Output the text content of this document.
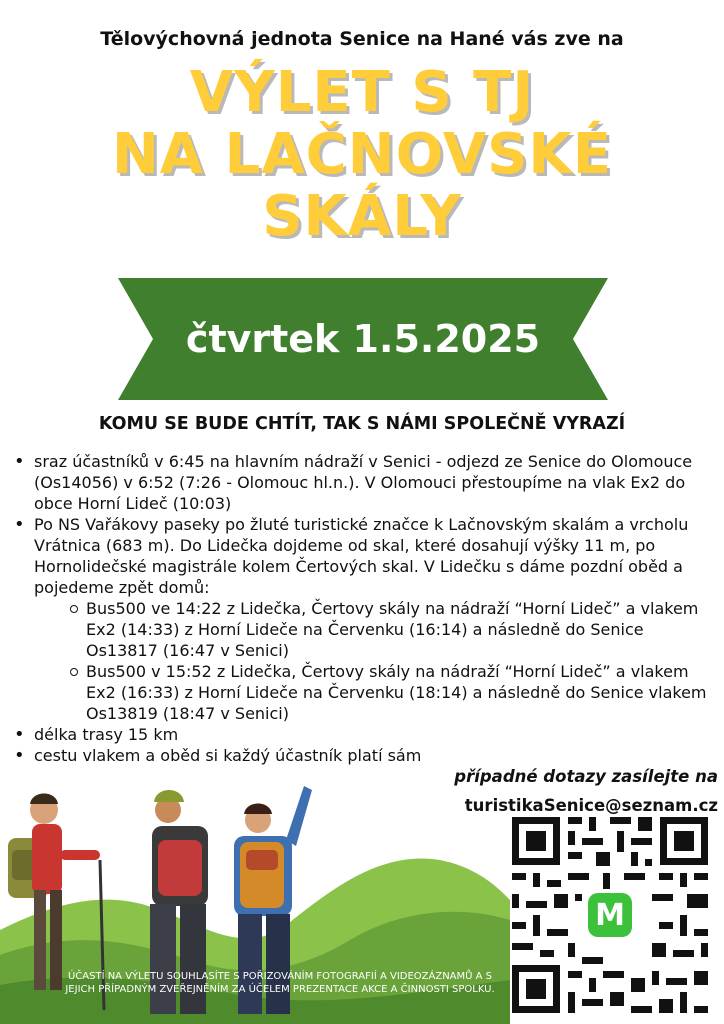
Tělovýchovná jednota Senice na Hané vás zve na
VÝLET S TJ
NA LAČNOVSKÉ
SKÁLY
čtvrtek 1.5.2025
KOMU SE BUDE CHTÍT, TAK S NÁMI SPOLEČNĚ VYRAZÍ
• sraz účastníků v 6:45 na hlavním nádraží v Senici - odjezd ze Senice do Olomouce (Os14056) v 6:52 (7:26 - Olomouc hl.n.). V Olomouci přestoupíme na vlak Ex2 do obce Horní Lideč (10:03)
• Po NS Vařákovy paseky po žluté turistické značce k Lačnovským skalám a vrcholu Vrátnica (683 m). Do Lidečka dojdeme od skal, které dosahují výšky 11 m, po Hornolidečské magistrále kolem Čertových skal. V Lidečku s dáme pozdní oběd a pojedeme zpět domů:
Bus500 ve 14:22 z Lidečka, Čertovy skály na nádraží “Horní Lideč” a vlakem Ex2 (14:33) z Horní Lideče na Červenku (16:14) a následně do Senice Os13817 (16:47 v Senici)
Bus500 v 15:52 z Lidečka, Čertovy skály na nádraží “Horní Lideč” a vlakem Ex2 (16:33) z Horní Lideče na Červenku (18:14) a následně do Senice vlakem Os13819 (18:47 v Senici)
• délka trasy 15 km
• cestu vlakem a oběd si každý účastník platí sám
případné dotazy zasílejte na
turistikaSenice@seznam.cz
ÚČASTÍ NA VÝLETU SOUHLASÍTE S POŘIZOVÁNÍM FOTOGRAFIÍ A VIDEOZÁZNAMŮ A S JEJICH PŘÍPADNÝM ZVEŘEJNĚNÍM ZA ÚČELEM PREZENTACE AKCE A ČINNOSTI SPOLKU.
M
